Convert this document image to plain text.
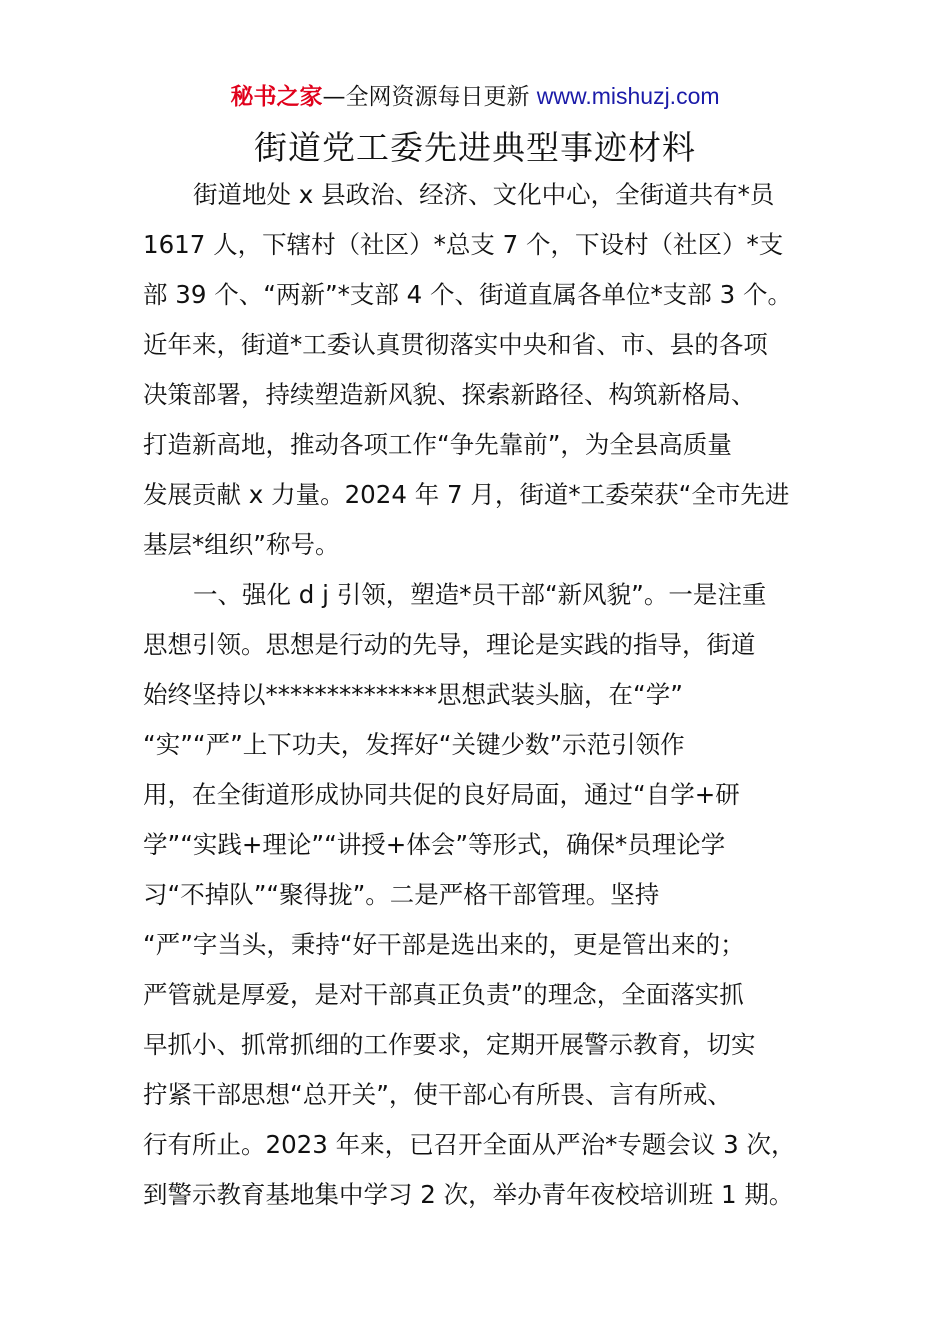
秘书之家—全网资源每日更新 www.mishuzj.com
街道党工委先进典型事迹材料
街道地处 x 县政治、经济、文化中心，全街道共有*员
1617 人，下辖村（社区）*总支 7 个，下设村（社区）*支
部 39 个、“两新”*支部 4 个、街道直属各单位*支部 3 个。
近年来，街道*工委认真贯彻落实中央和省、市、县的各项
决策部署，持续塑造新风貌、探索新路径、构筑新格局、
打造新高地，推动各项工作“争先靠前”，为全县高质量
发展贡献 x 力量。2024 年 7 月，街道*工委荣获“全市先进
基层*组织”称号。
一、强化 d j 引领，塑造*员干部“新风貌”。一是注重
思想引领。思想是行动的先导，理论是实践的指导，街道
始终坚持以**************思想武装头脑，在“学”
“实”“严”上下功夫，发挥好“关键少数”示范引领作
用，在全街道形成协同共促的良好局面，通过“自学+研
学”“实践+理论”“讲授+体会”等形式，确保*员理论学
习“不掉队”“聚得拢”。二是严格干部管理。坚持
“严”字当头，秉持“好干部是选出来的，更是管出来的；
严管就是厚爱，是对干部真正负责”的理念，全面落实抓
早抓小、抓常抓细的工作要求，定期开展警示教育，切实
拧紧干部思想“总开关”，使干部心有所畏、言有所戒、
行有所止。2023 年来，已召开全面从严治*专题会议 3 次，
到警示教育基地集中学习 2 次，举办青年夜校培训班 1 期。
